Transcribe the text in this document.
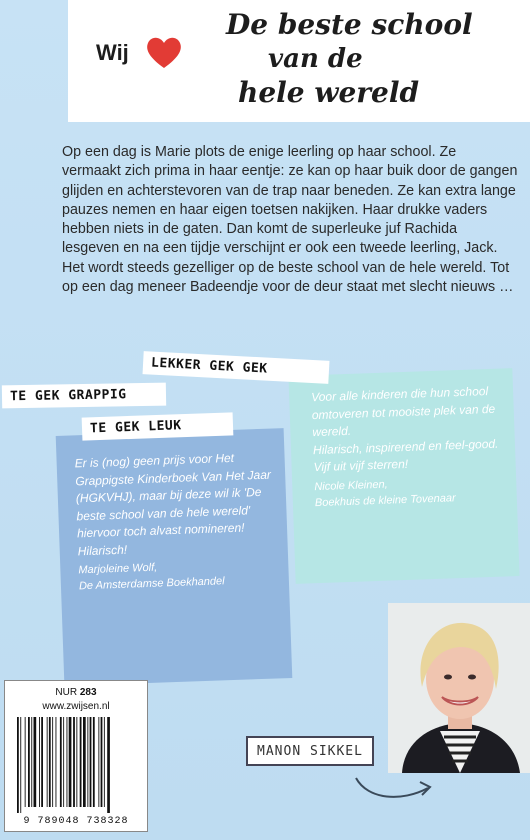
Wij
De beste school
van de
hele wereld
Op een dag is Marie plots de enige leerling op haar school. Ze vermaakt zich prima in haar eentje: ze kan op haar buik door de gangen glijden en achterstevoren van de trap naar beneden. Ze kan extra lange pauzes nemen en haar eigen toetsen nakijken. Haar drukke vaders hebben niets in de gaten. Dan komt de superleuke juf Rachida lesgeven en na een tijdje verschijnt er ook een tweede leerling, Jack. Het wordt steeds gezelliger op de beste school van de hele wereld. Tot op een dag meneer Badeendje voor de deur staat met slecht nieuws …
Voor alle kinderen die hun school omtoveren tot mooiste plek van de wereld.
Hilarisch, inspirerend en feel-good.
Vijf uit vijf sterren!
Nicole Kleinen,
Boekhuis de kleine Tovenaar
Er is (nog) geen prijs voor Het Grappigste Kinderboek Van Het Jaar (HGKVHJ), maar bij deze wil ik 'De beste school van de hele wereld' hiervoor toch alvast nomineren!
Hilarisch!
Marjoleine Wolf,
De Amsterdamse Boekhandel
LEKKER GEK GEK
TE GEK GRAPPIG
TE GEK LEUK
MANON SIKKEL
NUR 283
www.zwijsen.nl
9 789048 738328
